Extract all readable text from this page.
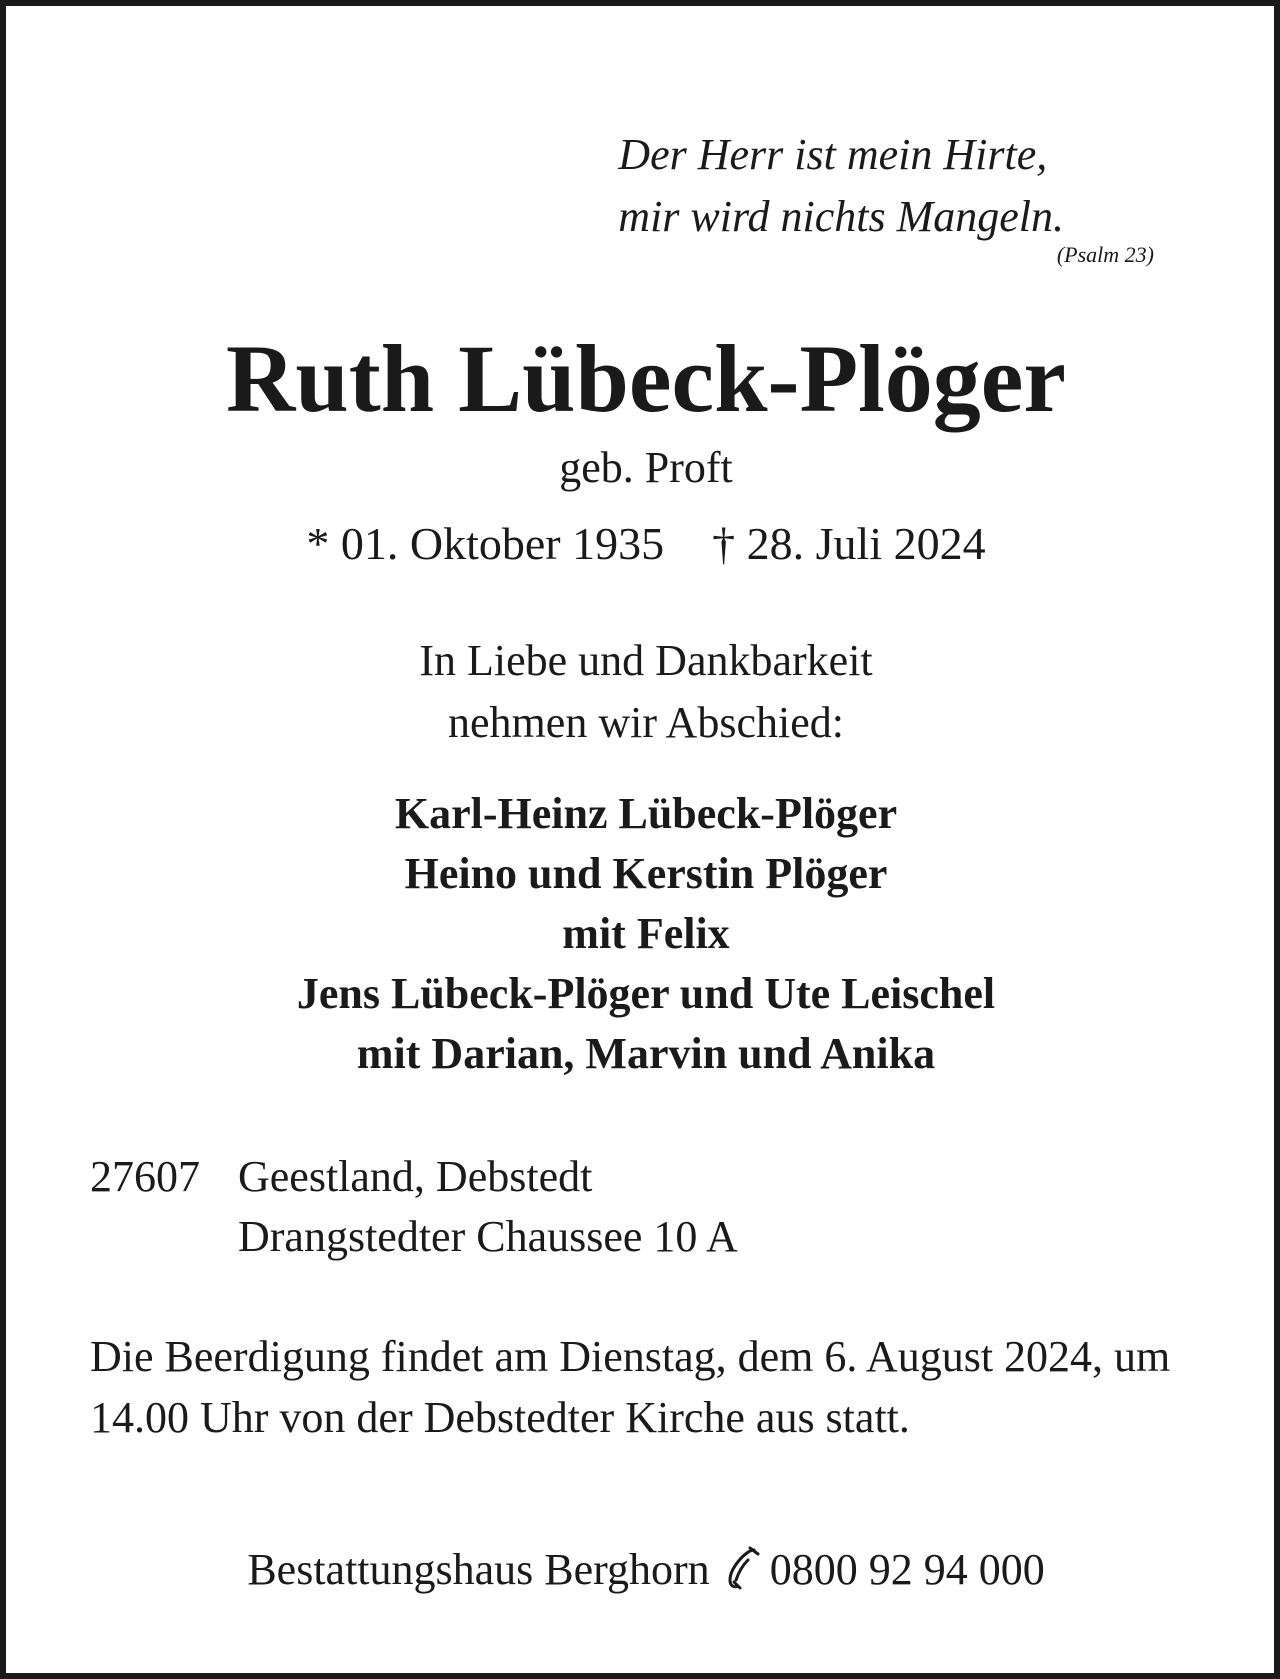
Der Herr ist mein Hirte,
mir wird nichts Mangeln.
(Psalm 23)
Ruth Lübeck-Plöger
geb. Proft
* 01. Oktober 1935 † 28. Juli 2024
In Liebe und Dankbarkeit
nehmen wir Abschied:
Karl-Heinz Lübeck-Plöger
Heino und Kerstin Plöger
mit Felix
Jens Lübeck-Plöger und Ute Leischel
mit Darian, Marvin und Anika
27607 Geestland, Debstedt
Drangstedter Chaussee 10 A

Die Beerdigung findet am Dienstag, dem 6. August 2024, um 14.00 Uhr von der Debstedter Kirche aus statt.

Bestattungshaus Berghorn 0800 92 94 000
